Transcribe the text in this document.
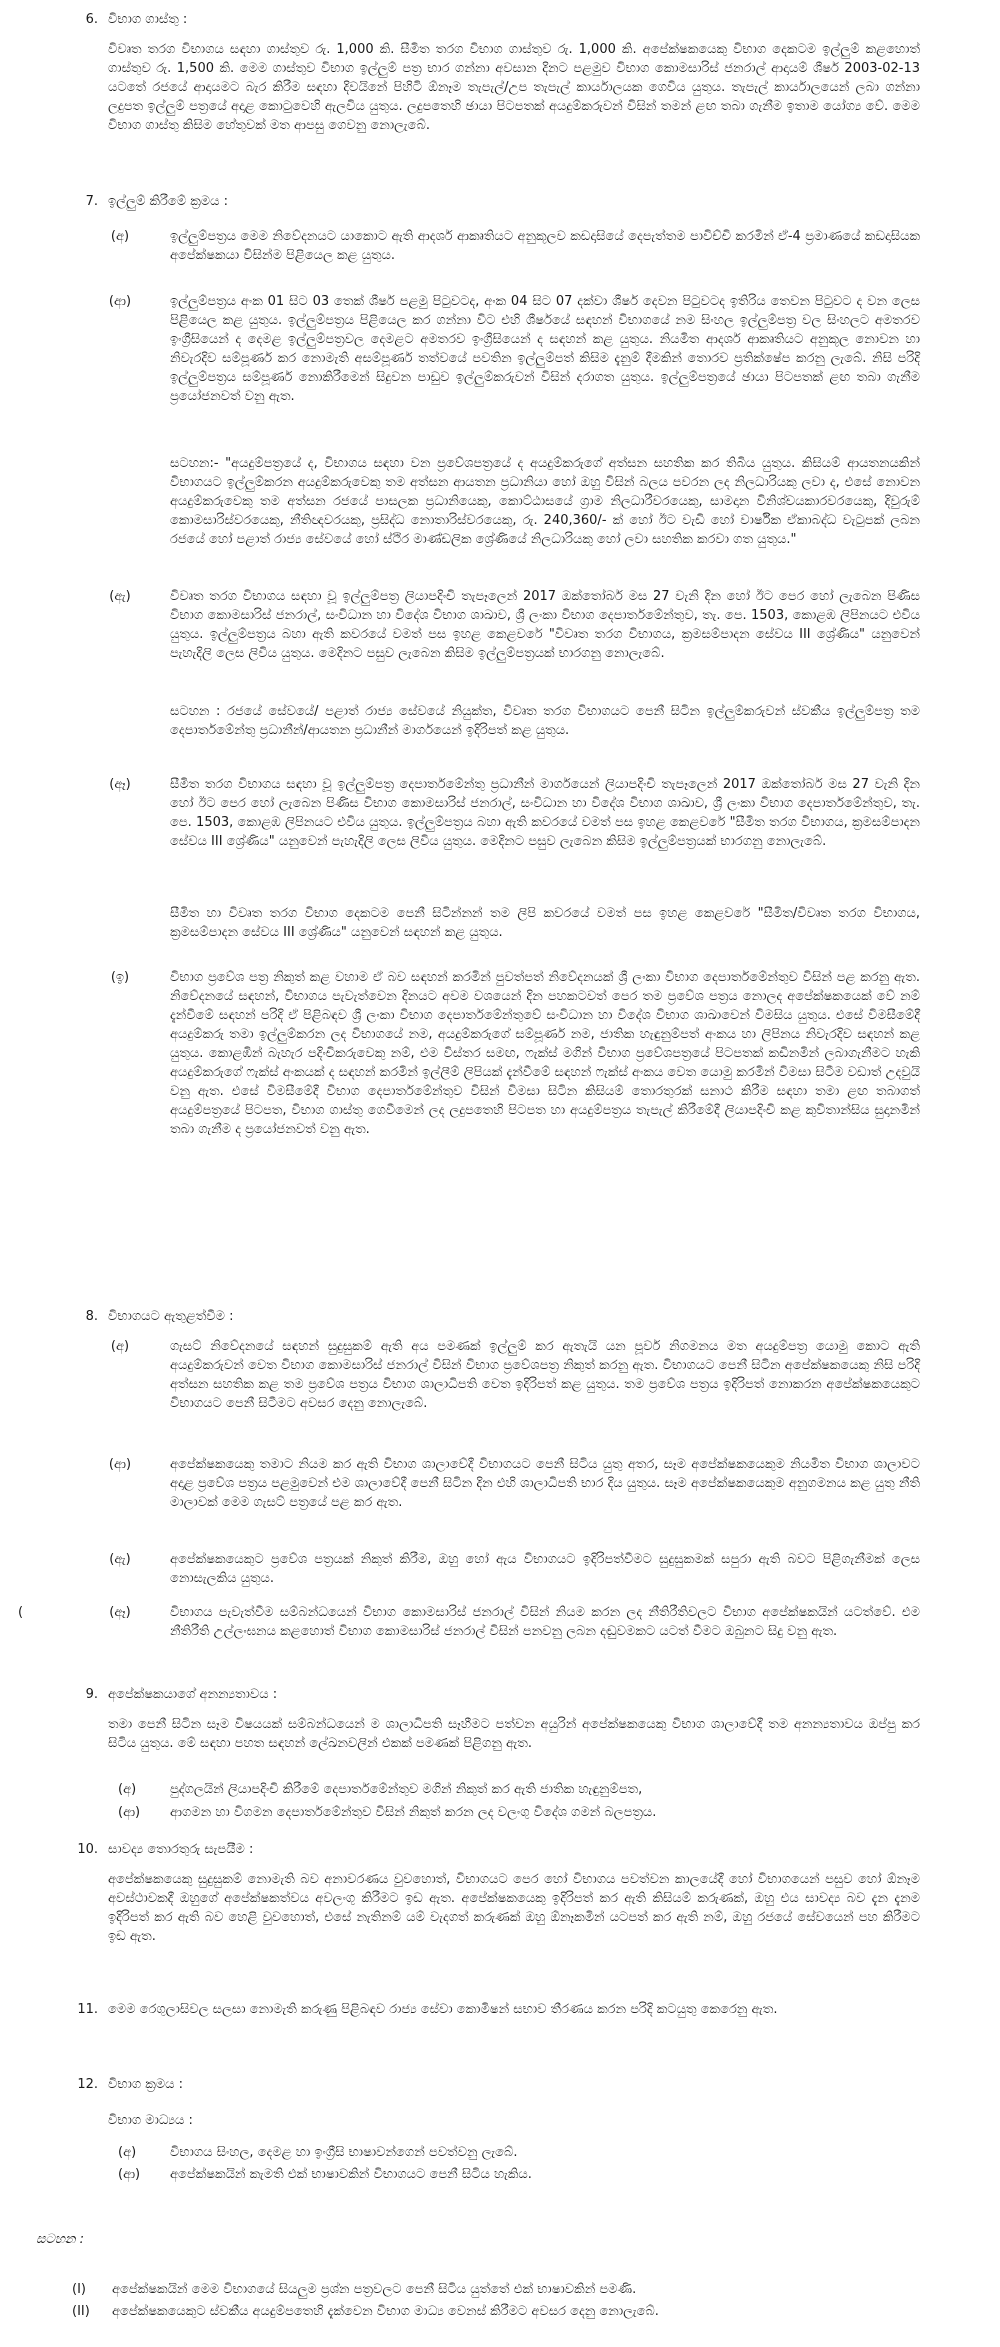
6. විභාග ගාස්තු :
විවෘත තරග විභාගය සඳහා ගාස්තුව රු. 1,000 කි. සීමිත තරග විභාග ගාස්තුව රු. 1,000 කි. අපේක්ෂකයෙකු විභාග දෙකටම ඉල්ලුම් කළහොත් ගාස්තුව රු. 1,500 කි. මෙම ගාස්තුව විභාග ඉල්ලුම් පත්‍ර භාර ගන්නා අවසාන දිනට පළමුව විභාග කොමසාරිස් ජනරාල් ආදායම් ශීර්ෂ 2003-02-13 යටතේ රජයේ ආදායමට බැර කිරීම සඳහා දිවයිනේ පිහිටි ඕනෑම තැපැල්/උප තැපැල් කාර්යාලයක ගෙවිය යුතුය. තැපැල් කාර්යාලයෙන් ලබා ගන්නා ලදුපත ඉල්ලුම් පත්‍රයේ අදාළ කොටුවෙහි ඇලවිය යුතුය. ලදුපතෙහි ඡායා පිටපතක් අයදුම්කරුවන් විසින් තමන් ළඟ තබා ගැනීම ඉතාම යෝග්‍ය වේ. මෙම විභාග ගාස්තු කිසිම හේතුවක් මත ආපසු ගෙවනු නොලැබේ.
7. ඉල්ලුම් කිරීමේ ක්‍රමය :
(අ)	ඉල්ලුම්පත්‍රය මෙම නිවේදනයට යාකොට ඇති ආදර්ශ ආකෘතියට අනුකූලව කඩදාසියේ දෙපැත්තම පාවිච්චි කරමින් ඒ-4 ප්‍රමාණයේ කඩදාසියක අපේක්ෂකයා විසින්ම පිළියෙල කළ යුතුය.
(ආ)	ඉල්ලුම්පත්‍රය අංක 01 සිට 03 තෙක් ශීර්ෂ පළමු පිටුවටද, අංක 04 සිට 07 දක්වා ශීර්ෂ දෙවන පිටුවටද ඉතිරිය තෙවන පිටුවට ද වන ලෙස පිළියෙල කළ යුතුය. ඉල්ලුම්පත්‍රය පිළියෙල කර ගන්නා විට එහි ශීර්ෂයේ සඳහන් විභාගයේ නම සිංහල ඉල්ලුම්පත්‍ර වල සිංහලට අමතරව ඉංග්‍රීසියෙන් ද දෙමළ ඉල්ලුම්පත්‍රවල දෙමළට අමතරව ඉංග්‍රීසියෙන් ද සඳහන් කළ යුතුය. නියමිත ආදර්ශ ආකෘතියට අනුකූල නොවන හා නිවැරදිව සම්පූර්ණ කර නොමැති අසම්පූර්ණ තත්වයේ පවතින ඉල්ලුම්පත් කිසිම දැනුම් දීමකින් තොරව ප්‍රතික්ෂේප කරනු ලැබේ. නිසි පරිදි ඉල්ලුම්පත්‍රය සම්පූර්ණ නොකිරීමෙන් සිදුවන පාඩුව ඉල්ලුම්කරුවන් විසින් දරාගත යුතුය. ඉල්ලුම්පත්‍රයේ ඡායා පිටපතක් ළඟ තබා ගැනීම ප්‍රයෝජනවත් වනු ඇත.
සටහන:- "අයදුම්පත්‍රයේ ද, විභාගය සඳහා වන ප්‍රවේශපත්‍රයේ ද අයදුම්කරුගේ අත්සන සහතික කර තිබිය යුතුය. කිසියම් ආයතනයකින් විභාගයට ඉල්ලුම්කරන අයදුම්කරුවෙකු තම අත්සන ආයතන ප්‍රධානියා හෝ ඔහු විසින් බලය පවරන ලද නිලධාරියකු ලවා ද, එසේ නොවන අයදුම්කරුවෙකු තම අත්සන රජයේ පාසලක ප්‍රධානියෙකු, කොට්ඨාසයේ ග්‍රාම නිලධාරීවරයෙකු, සාමදාන විනිශ්චයකාරවරයෙකු, දිවුරුම් කොමසාරිස්වරයෙකු, නීතිඥවරයකු, ප්‍රසිද්ධ නොතාරිස්වරයෙකු, රු. 240,360/- ක් හෝ ඊට වැඩි හෝ වාර්ෂික ඒකාබද්ධ වැටුපක් ලබන රජයේ හෝ පළාත් රාජ්‍ය සේවයේ හෝ ස්ථිර මාණ්ඩලික ශ්‍රේණියේ නිලධාරියකු හෝ ලවා සහතික කරවා ගත යුතුය."
(ඇ)	විවෘත තරග විභාගය සඳහා වූ ඉල්ලුම්පත්‍ර ලියාපදිංචි තැපෑලෙන් 2017 ඔක්තෝබර් මස 27 වැනි දින හෝ ඊට පෙර හෝ ලැබෙන පිණිස විභාග කොමසාරිස් ජනරාල්, සංවිධාන හා විදේශ විභාග ශාඛාව, ශ්‍රී ලංකා විභාග දෙපාර්තමේන්තුව, තැ. පෙ. 1503, කොළඹ ලිපිනයට එවිය යුතුය. ඉල්ලුම්පත්‍රය බහා ඇති කවරයේ වමත් පස ඉහළ කෙළවරේ "විවෘත තරග විභාගය, ක්‍රමසම්පාදන සේවය III ශ්‍රේණිය" යනුවෙන් පැහැදිලි ලෙස ලිවිය යුතුය. මෙදිනට පසුව ලැබෙන කිසිම ඉල්ලුම්පත්‍රයක් භාරගනු නොලැබේ.
සටහන : රජයේ සේවයේ/ පළාත් රාජ්‍ය සේවයේ නියුක්ත, විවෘත තරග විභාගයට පෙනී සිටින ඉල්ලුම්කරුවන් ස්වකීය ඉල්ලුම්පත්‍ර තම දෙපාර්තමේන්තු ප්‍රධානීන්/ආයතන ප්‍රධානීන් මාර්ගයෙන් ඉදිරිපත් කළ යුතුය.
(ඈ)	සීමිත තරග විභාගය සඳහා වූ ඉල්ලුම්පත්‍ර දෙපාර්තමේන්තු ප්‍රධානීන් මාර්ගයෙන් ලියාපදිංචි තැපෑලෙන් 2017 ඔක්තෝබර් මස 27 වැනි දින හෝ ඊට පෙර හෝ ලැබෙන පිණිස විභාග කොමසාරිස් ජනරාල්, සංවිධාන හා විදේශ විභාග ශාඛාව, ශ්‍රී ලංකා විභාග දෙපාර්තමේන්තුව, තැ. පෙ. 1503, කොළඹ ලිපිනයට එවිය යුතුය. ඉල්ලුම්පත්‍රය බහා ඇති කවරයේ වමත් පස ඉහළ කෙළවරේ "සීමිත තරග විභාගය, ක්‍රමසම්පාදන සේවය III ශ්‍රේණිය" යනුවෙන් පැහැදිලි ලෙස ලිවිය යුතුය. මෙදිනට පසුව ලැබෙන කිසිම ඉල්ලුම්පත්‍රයක් භාරගනු නොලැබේ.
සීමිත හා විවෘත තරග විභාග දෙකටම පෙනී සිටින්නන් තම ලිපි කවරයේ වමත් පස ඉහළ කෙළවරේ "සීමිත/විවෘත තරග විභාගය, ක්‍රමසම්පාදන සේවය III ශ්‍රේණිය" යනුවෙන් සඳහන් කළ යුතුය.
(ඉ)	විභාග ප්‍රවේශ පත්‍ර නිකුත් කළ වහාම ඒ බව සඳහන් කරමින් පුවත්පත් නිවේදනයක් ශ්‍රී ලංකා විභාග දෙපාර්තමේන්තුව විසින් පළ කරනු ඇත. නිවේදනයේ සඳහන්, විභාගය පැවැත්වෙන දිනයට අවම වශයෙන් දින පහකටවත් පෙර තම ප්‍රවේශ පත්‍රය නොලද අපේක්ෂකයෙක් වේ නම් දැන්වීමේ සඳහන් පරිදි ඒ පිළිබඳව ශ්‍රී ලංකා විභාග දෙපාර්තමේන්තුවේ සංවිධාන හා විදේශ විභාග ශාඛාවෙන් විමසිය යුතුය. එසේ විමසීමේදී අයදුම්කරු තමා ඉල්ලුම්කරන ලද විභාගයේ නම, අයදුම්කරුගේ සම්පූර්ණ නම, ජාතික හැඳුනුම්පත් අංකය හා ලිපිනය නිවැරදිව සඳහන් කළ යුතුය. කොළඹින් බැහැර පදිංචිකරුවෙකු නම්, එම විස්තර සමඟ, ෆැක්ස් මගින් විභාග ප්‍රවේශපත්‍රයේ පිටපතක් කඩිනමින් ලබාගැනීමට හැකි අයදුම්කරුගේ ෆැක්ස් අංකයක් ද සඳහන් කරමින් ඉල්ලීම් ලිපියක් දැන්වීමේ සඳහන් ෆැක්ස් අංකය වෙත යොමු කරමින් විමසා සිටීම වඩාත් උදවුයි වනු ඇත. එසේ විමසීමේදී විභාග දෙපාර්තමේන්තුව විසින් විමසා සිටින කිසියම් තොරතුරක් සනාථ කිරීම සඳහා තමා ළඟ තබාගත් අයදුම්පත්‍රයේ පිටපත, විභාග ගාස්තු ගෙවීමෙන් ලද ලදුපතෙහි පිටපත හා අයදුම්පත්‍රය තැපැල් කිරීමේදී ලියාපදිංචි කළ කුවිතාන්සිය සුදානමින් තබා ගැනීම ද ප්‍රයෝජනවත් වනු ඇත.
8. විභාගයට ඇතුළත්වීම :
(අ)	ගැසට් නිවේදනයේ සඳහන් සුදුසුකම් ඇති අය පමණක් ඉල්ලුම් කර ඇතැයි යන පූර්ව නිගමනය මත අයදුම්පත්‍ර යොමු කොට ඇති අයදුම්කරුවන් වෙත විභාග කොමසාරිස් ජනරාල් විසින් විභාග ප්‍රවේශපත්‍ර නිකුත් කරනු ඇත. විභාගයට පෙනී සිටින අපේක්ෂකයෙකු නිසි පරිදි අත්සන සහතික කළ තම ප්‍රවේශ පත්‍රය විභාග ශාලාධිපති වෙත ඉදිරිපත් කළ යුතුය. තම ප්‍රවේශ පත්‍රය ඉදිරිපත් නොකරන අපේක්ෂකයෙකුට විභාගයට පෙනී සිටීමට අවසර දෙනු නොලැබේ.
(ආ)	අපේක්ෂකයෙකු තමාට නියම කර ඇති විභාග ශාලාවේදී විභාගයට පෙනී සිටිය යුතු අතර, සෑම අපේක්ෂකයෙකුම නියමිත විභාග ශාලාවට අදාළ ප්‍රවේශ පත්‍රය පළමුවෙන් එම ශාලාවේදී පෙනී සිටින දින එහි ශාලාධිපති භාර දිය යුතුය. සෑම අපේක්ෂකයෙකුම අනුගමනය කළ යුතු නීති මාලාවක් මෙම ගැසට් පත්‍රයේ පළ කර ඇත.
(ඇ)	අපේක්ෂකයෙකුට ප්‍රවේශ පත්‍රයක් නිකුත් කිරීම, ඔහු හෝ ඇය විභාගයට ඉදිරිපත්වීමට සුදුසුකමක් සපුරා ඇති බවට පිළිගැනීමක් ලෙස නොසැලකිය යුතුය.
(	(ඈ)	විභාගය පැවැත්වීම සම්බන්ධයෙන් විභාග කොමසාරිස් ජනරාල් විසින් නියම කරන ලද නීතිරීතිවලට විභාග අපේක්ෂකයින් යටත්වේ. එම නීතිරීති උල්ලංඝනය කළහොත් විභාග කොමසාරිස් ජනරාල් විසින් පනවනු ලබන දඬුවමකට යටත් වීමට ඔබුනට සිදු වනු ඇත.
9. අපේක්ෂකයාගේ අනන්‍යතාවය :
තමා පෙනී සිටින සෑම විෂයයක් සම්බන්ධයෙන් ම ශාලාධිපති සෑහීමට පත්වන අයුරින් අපේක්ෂකයෙකු විභාග ශාලාවේදී තම අනන්‍යතාවය ඔප්පු කර සිටිය යුතුය. මේ සඳහා පහත සඳහන් ලේඛනවලින් එකක් පමණක් පිළිගනු ඇත.
(අ)	පුද්ගලයින් ලියාපදිංචි කිරීමේ දෙපාර්තමේන්තුව මගින් නිකුත් කර ඇති ජාතික හැඳුනුම්පත,
(ආ) ආගමන හා විගමන දෙපාර්තමේන්තුව විසින් නිකුත් කරන ලද වලංගු විදේශ ගමන් බලපත්‍රය.
10. සාවද්‍ය තොරතුරු සැපයීම :
අපේක්ෂකයෙකු සුදුසුකම් නොමැති බව අනාවරණය වුවහොත්, විභාගයට පෙර හෝ විභාගය පවත්වන කාලයේදී හෝ විභාගයෙන් පසුව හෝ ඕනෑම අවස්ථාවකදී ඔහුගේ අපේක්ෂකත්වය අවලංගු කිරීමට ඉඩ ඇත. අපේක්ෂකයෙකු ඉදිරිපත් කර ඇති කිසියම් කරුණක්, ඔහු එය සාවද්‍ය බව දැන දැනම ඉදිරිපත් කර ඇති බව හෙළි වුවහොත්, එසේ නැතිනම් යම් වැදගත් කරුණක් ඔහු ඕනෑකමින් යටපත් කර ඇති නම්, ඔහු රජයේ සේවයෙන් පහ කිරීමට ඉඩ ඇත.
11. මෙම රෙගුලාසිවල සලසා නොමැති කරුණු පිළිබඳව රාජ්‍ය සේවා කොමිෂන් සභාව තීරණය කරන පරිදි කටයුතු කෙරෙනු ඇත.
12. විභාග ක්‍රමය :
විභාග මාධ්‍යය :
(අ)	විභාගය සිංහල, දෙමළ හා ඉංග්‍රීසි භාෂාවන්ගෙන් පවත්වනු ලැබේ.
(ආ) අපේක්ෂකයින් කැමති එක් භාෂාවකින් විභාගයට පෙනී සිටිය හැකිය.
සටහන :
(I)	අපේක්ෂකයින් මෙම විභාගයේ සියලුම ප්‍රශ්න පත්‍රවලට පෙනී සිටිය යුත්තේ එක් භාෂාවකින් පමණි.
(II)	අපේක්ෂකයෙකුට ස්වකීය අයදුම්පතෙහි දැක්වෙන විභාග මාධ්‍ය වෙනස් කිරීමට අවසර දෙනු නොලැබේ.
